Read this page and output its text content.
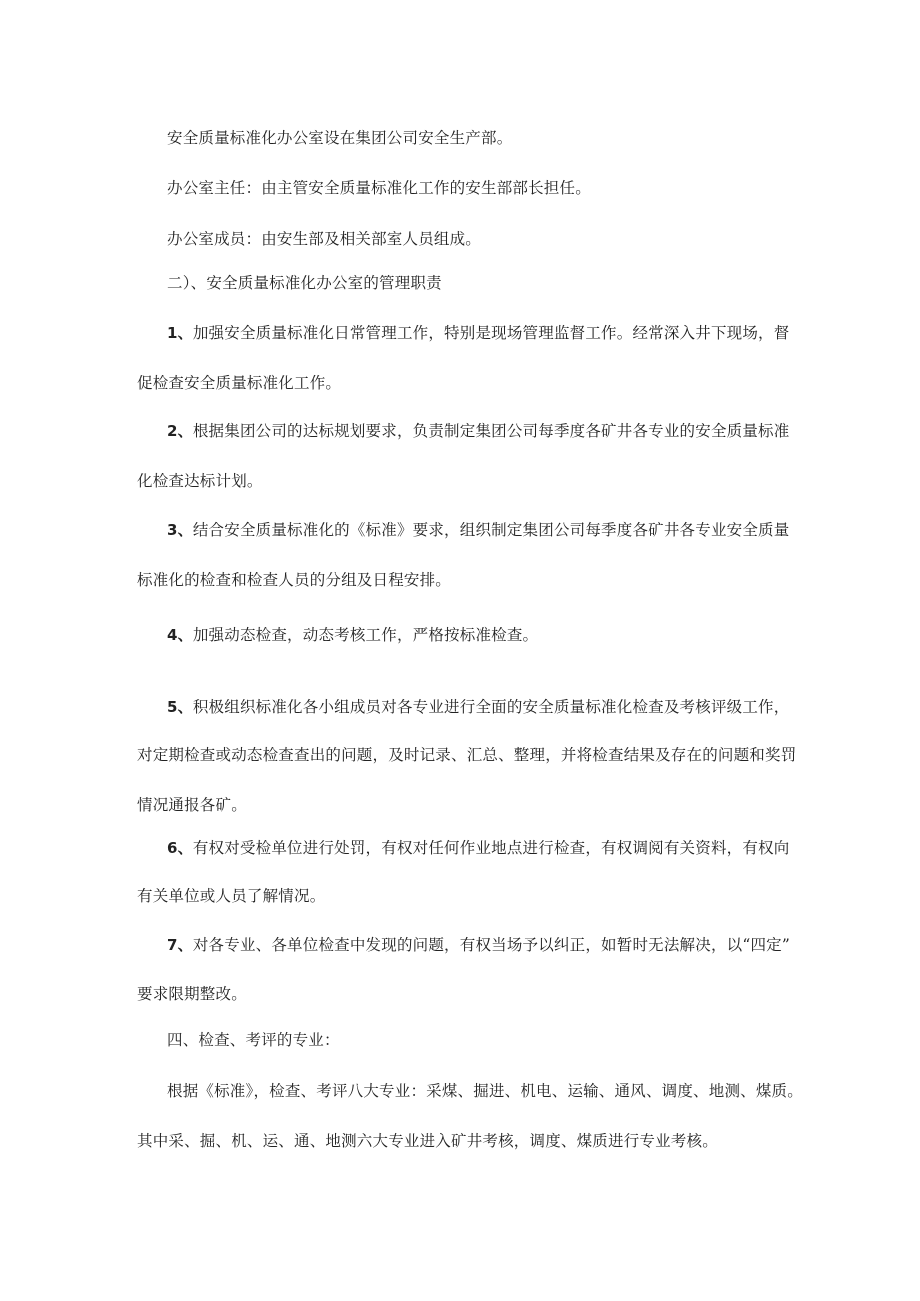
安全质量标准化办公室设在集团公司安全生产部。
办公室主任：由主管安全质量标准化工作的安生部部长担任。
办公室成员：由安生部及相关部室人员组成。
二）、安全质量标准化办公室的管理职责
1、加强安全质量标准化日常管理工作，特别是现场管理监督工作。经常深入井下现场，督
促检查安全质量标准化工作。
2、根据集团公司的达标规划要求，负责制定集团公司每季度各矿井各专业的安全质量标准
化检查达标计划。
3、结合安全质量标准化的《标准》要求，组织制定集团公司每季度各矿井各专业安全质量
标准化的检查和检查人员的分组及日程安排。
4、加强动态检查，动态考核工作，严格按标准检查。
5、积极组织标准化各小组成员对各专业进行全面的安全质量标准化检查及考核评级工作，
对定期检查或动态检查查出的问题，及时记录、汇总、整理，并将检查结果及存在的问题和奖罚
情况通报各矿。
6、有权对受检单位进行处罚，有权对任何作业地点进行检查，有权调阅有关资料，有权向
有关单位或人员了解情况。
7、对各专业、各单位检查中发现的问题，有权当场予以纠正，如暂时无法解决，以“四定”
要求限期整改。
四、检查、考评的专业：
根据《标准》，检查、考评八大专业：采煤、掘进、机电、运输、通风、调度、地测、煤质。
其中采、掘、机、运、通、地测六大专业进入矿井考核，调度、煤质进行专业考核。
